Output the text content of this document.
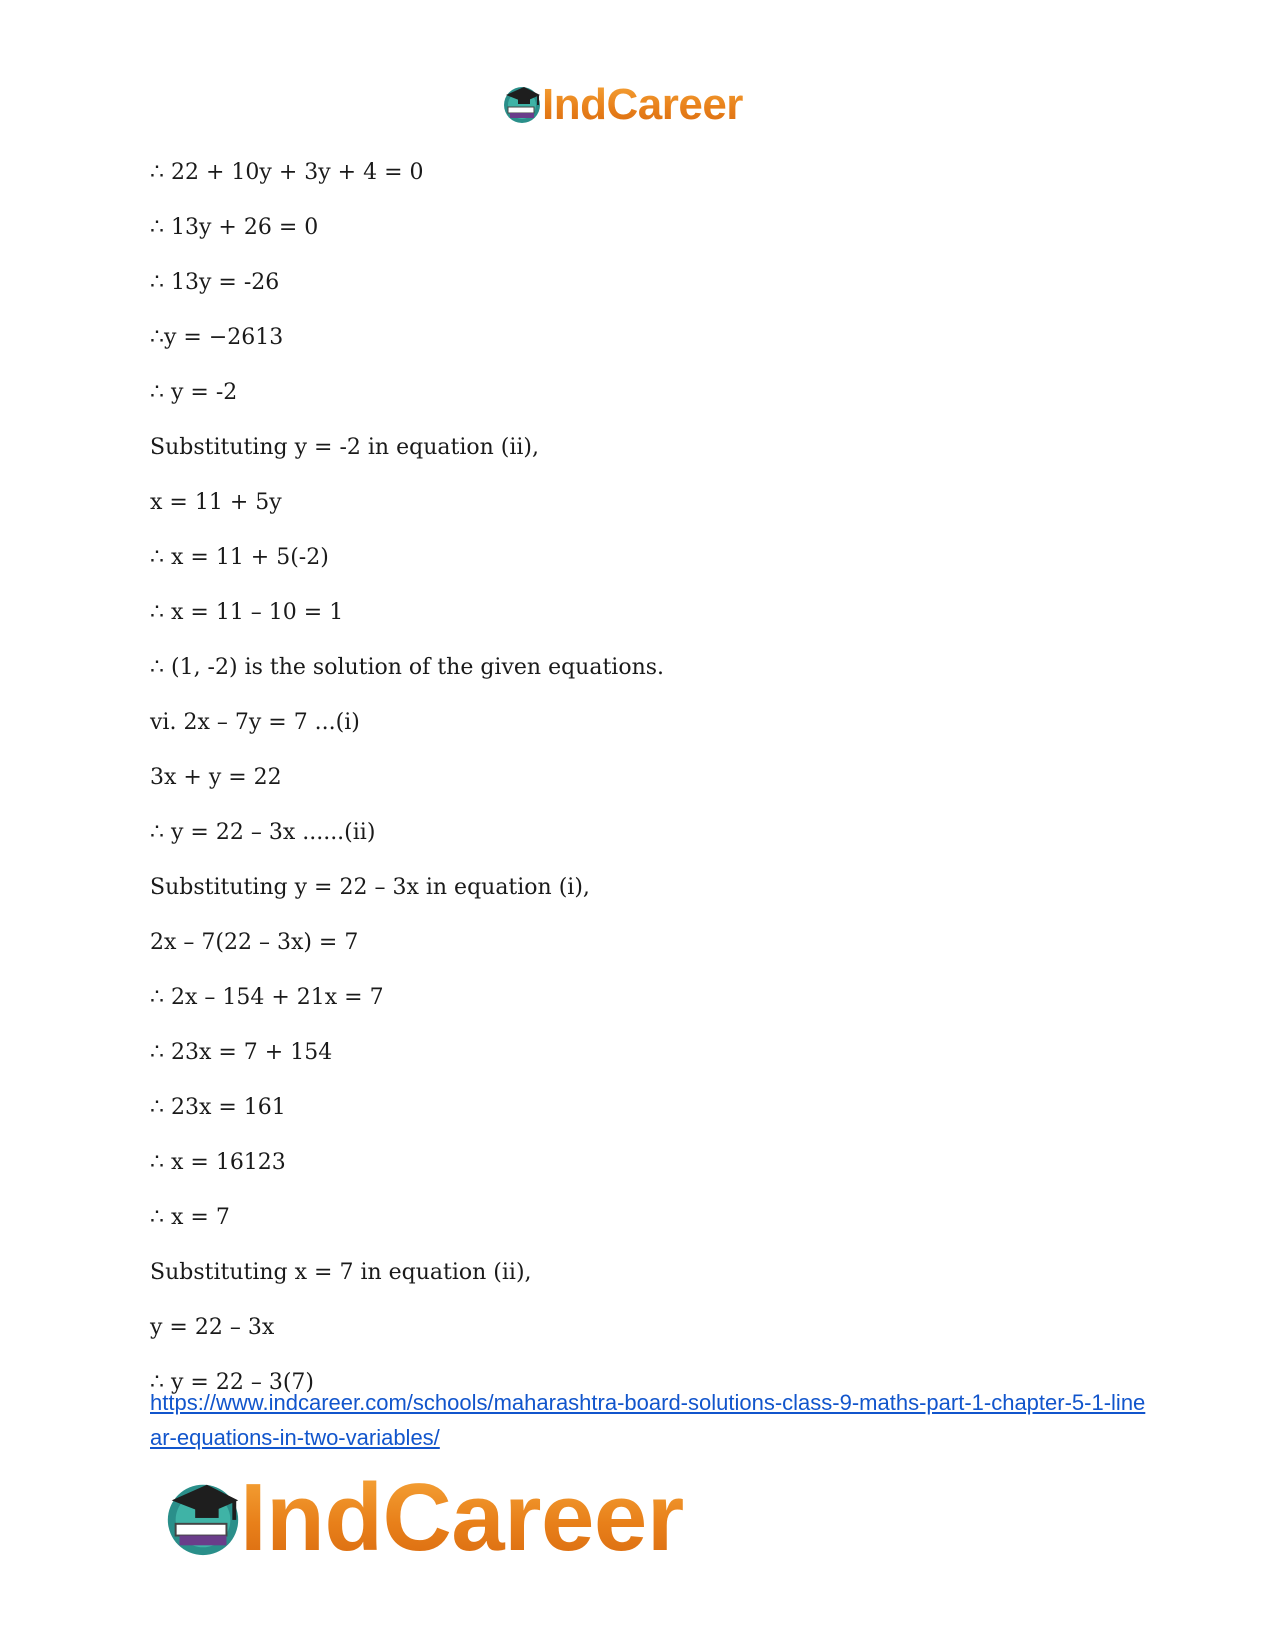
IndCareer
∴ 22 + 10y + 3y + 4 = 0
∴ 13y + 26 = 0
∴ 13y = -26
∴y = −2613
∴ y = -2
Substituting y = -2 in equation (ii),
x = 11 + 5y
∴ x = 11 + 5(-2)
∴ x = 11 – 10 = 1
∴ (1, -2) is the solution of the given equations.
vi. 2x – 7y = 7 ...(i)
3x + y = 22
∴ y = 22 – 3x ......(ii)
Substituting y = 22 – 3x in equation (i),
2x – 7(22 – 3x) = 7
∴ 2x – 154 + 21x = 7
∴ 23x = 7 + 154
∴ 23x = 161
∴ x = 16123
∴ x = 7
Substituting x = 7 in equation (ii),
y = 22 – 3x
∴ y = 22 – 3(7)
https://www.indcareer.com/schools/maharashtra-board-solutions-class-9-maths-part-1-chapter-5-1-linear-equations-in-two-variables/
IndCareer
